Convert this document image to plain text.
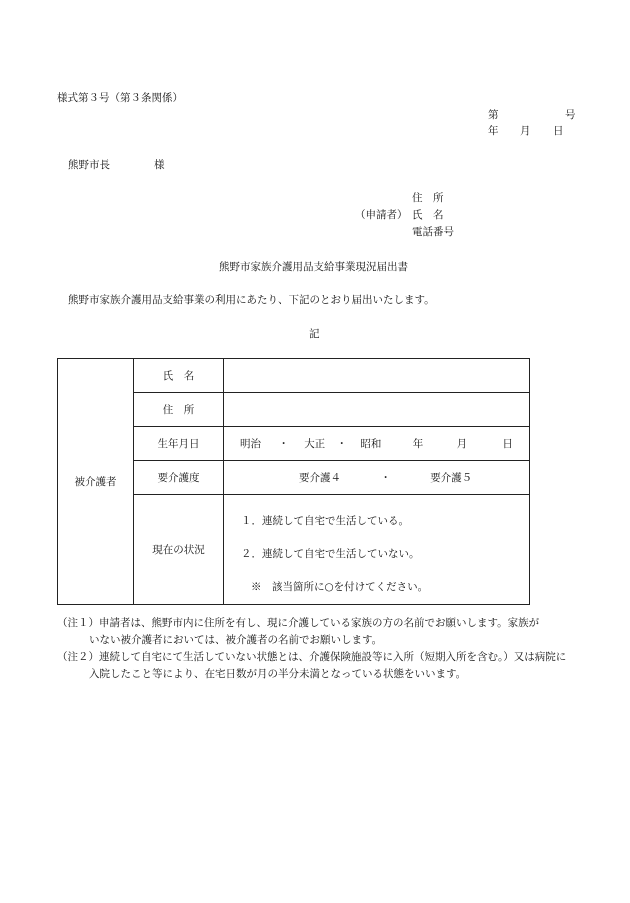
様式第３号（第３条関係）
第	号
年 月 日
熊野市長	様
住　所
（申請者） 氏　名
電話番号
熊野市家族介護用品支給事業現況届出書
熊野市家族介護用品支給事業の利用にあたり、下記のとおり届出いたします。
記
被介護者	氏　名	
	住　所	
	生年月日	明治 ・ 大正 ・ 昭和 年 月 日
	要介護度	要介護４ ・ 要介護５
	現在の状況	１．連続して自宅で生活している。
２．連続して自宅で生活していない。
※　該当箇所に○を付けてください。
（注１）申請者は、熊野市内に住所を有し、現に介護している家族の方の名前でお願いします。家族が
いない被介護者においては、被介護者の名前でお願いします。
（注２）連続して自宅にて生活していない状態とは、介護保険施設等に入所（短期入所を含む。）又は病院に
入院したこと等により、在宅日数が月の半分未満となっている状態をいいます。
